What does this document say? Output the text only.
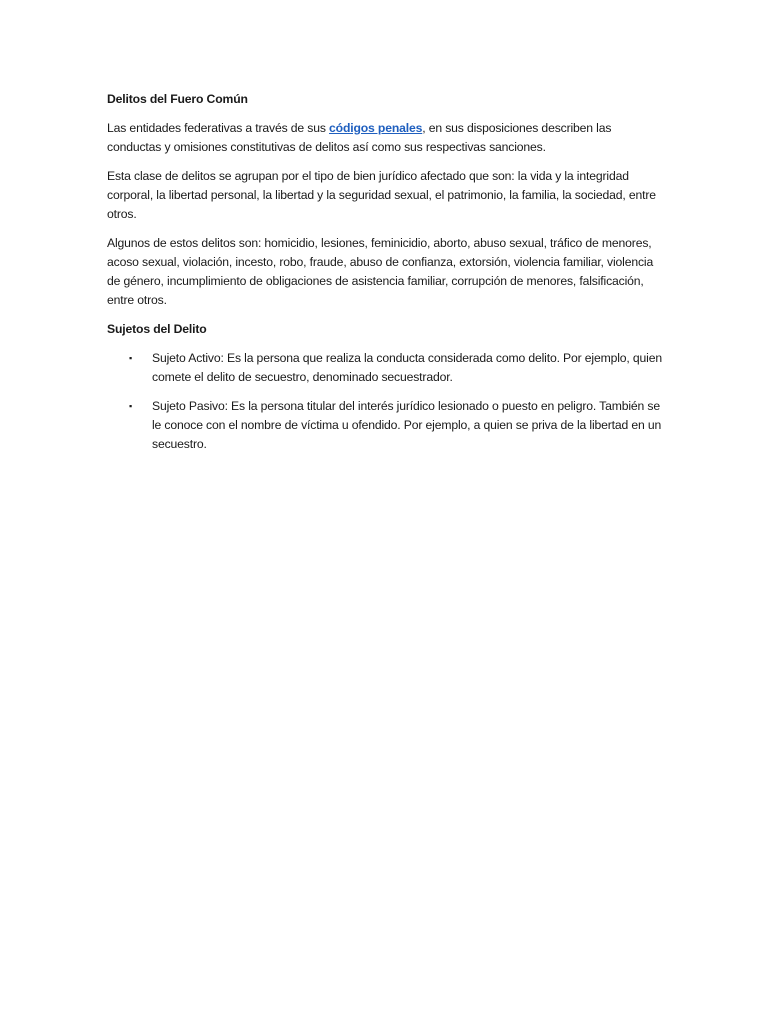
Delitos del Fuero Común

Las entidades federativas a través de sus códigos penales, en sus disposiciones describen las conductas y omisiones constitutivas de delitos así como sus respectivas sanciones.

Esta clase de delitos se agrupan por el tipo de bien jurídico afectado que son: la vida y la integridad corporal, la libertad personal, la libertad y la seguridad sexual, el patrimonio, la familia, la sociedad, entre otros.

Algunos de estos delitos son: homicidio, lesiones, feminicidio, aborto, abuso sexual, tráfico de menores, acoso sexual, violación, incesto, robo, fraude, abuso de confianza, extorsión, violencia familiar, violencia de género, incumplimiento de obligaciones de asistencia familiar, corrupción de menores, falsificación, entre otros.

Sujetos del Delito
▪ Sujeto Activo: Es la persona que realiza la conducta considerada como delito. Por ejemplo, quien comete el delito de secuestro, denominado secuestrador.
▪ Sujeto Pasivo: Es la persona titular del interés jurídico lesionado o puesto en peligro. También se le conoce con el nombre de víctima u ofendido. Por ejemplo, a quien se priva de la libertad en un secuestro.
